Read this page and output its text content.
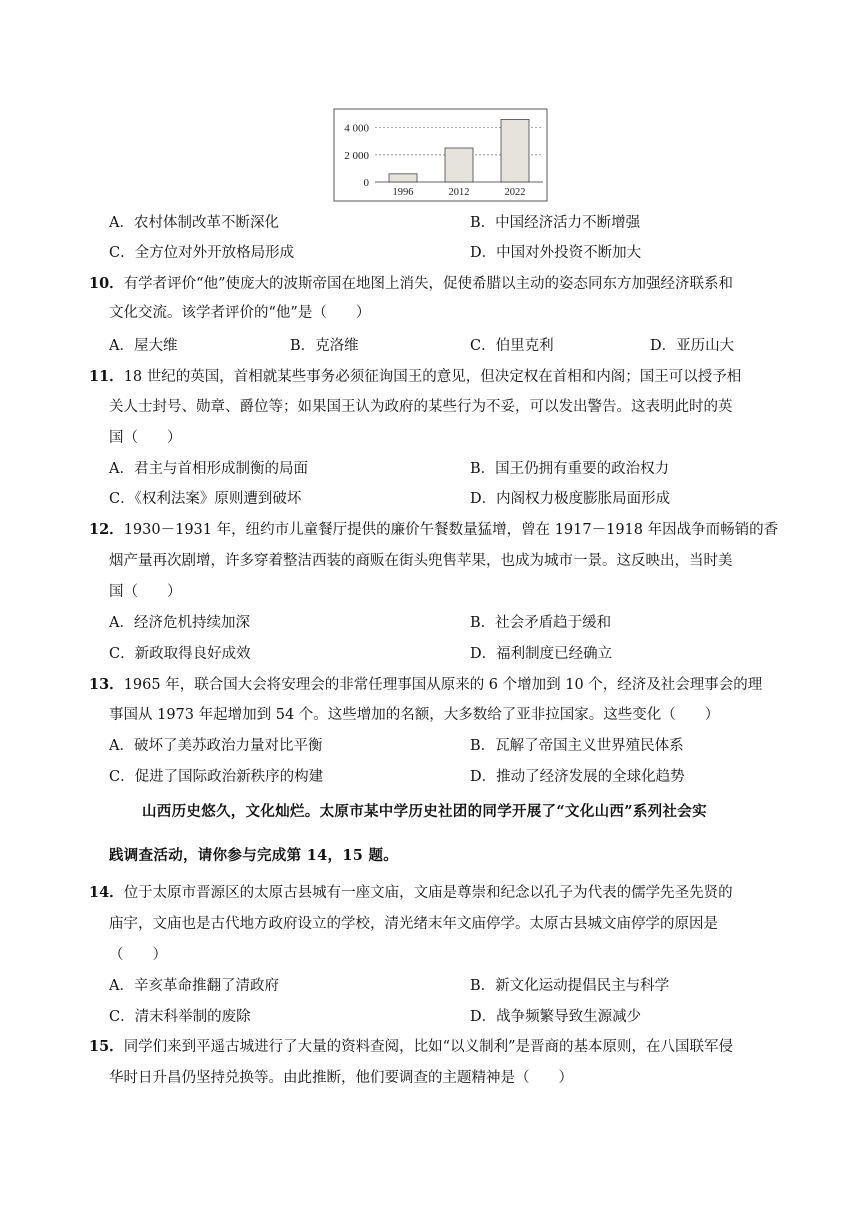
4 000
2 000
0
1996	2012	2022
A．农村体制改革不断深化	B．中国经济活力不断增强
C．全方位对外开放格局形成	D．中国对外投资不断加大
10．有学者评价“他”使庞大的波斯帝国在地图上消失，促使希腊以主动的姿态同东方加强经济联系和
文化交流。该学者评价的“他”是（　　）
A．屋大维	B．克洛维	C．伯里克利	D．亚历山大
11．18 世纪的英国，首相就某些事务必须征询国王的意见，但决定权在首相和内阁；国王可以授予相
关人士封号、勋章、爵位等；如果国王认为政府的某些行为不妥，可以发出警告。这表明此时的英
国（　　）
A．君主与首相形成制衡的局面	B．国王仍拥有重要的政治权力
C．《权利法案》原则遭到破坏	D．内阁权力极度膨胀局面形成
12．1930－1931 年，纽约市儿童餐厅提供的廉价午餐数量猛增，曾在 1917－1918 年因战争而畅销的香
烟产量再次剧增，许多穿着整洁西装的商贩在街头兜售苹果，也成为城市一景。这反映出，当时美
国（　　）
A．经济危机持续加深	B．社会矛盾趋于缓和
C．新政取得良好成效	D．福利制度已经确立
13．1965 年，联合国大会将安理会的非常任理事国从原来的 6 个增加到 10 个，经济及社会理事会的理
事国从 1973 年起增加到 54 个。这些增加的名额，大多数给了亚非拉国家。这些变化（　　）
A．破坏了美苏政治力量对比平衡	B．瓦解了帝国主义世界殖民体系
C．促进了国际政治新秩序的构建	D．推动了经济发展的全球化趋势
山西历史悠久，文化灿烂。太原市某中学历史社团的同学开展了“文化山西”系列社会实
践调查活动，请你参与完成第 14，15 题。
14．位于太原市晋源区的太原古县城有一座文庙，文庙是尊崇和纪念以孔子为代表的儒学先圣先贤的
庙宇，文庙也是古代地方政府设立的学校，清光绪末年文庙停学。太原古县城文庙停学的原因是
（　　）
A．辛亥革命推翻了清政府	B．新文化运动提倡民主与科学
C．清末科举制的废除	D．战争频繁导致生源减少
15．同学们来到平遥古城进行了大量的资料查阅，比如“以义制利”是晋商的基本原则，在八国联军侵
华时日升昌仍坚持兑换等。由此推断，他们要调查的主题精神是（　　）
